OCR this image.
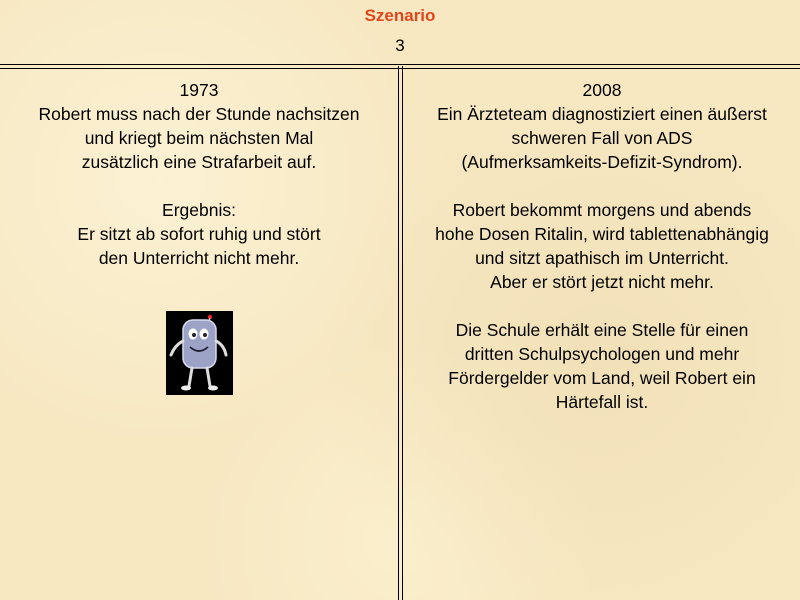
Szenario
3
1973
Robert muss nach der Stunde nachsitzen
und kriegt beim nächsten Mal
zusätzlich eine Strafarbeit auf.
Ergebnis:
Er sitzt ab sofort ruhig und stört
den Unterricht nicht mehr.
2008
Ein Ärzteteam diagnostiziert einen äußerst
schweren Fall von ADS
(Aufmerksamkeits-Defizit-Syndrom).
Robert bekommt morgens und abends
hohe Dosen Ritalin, wird tablettenabhängig
und sitzt apathisch im Unterricht.
Aber er stört jetzt nicht mehr.
Die Schule erhält eine Stelle für einen
dritten Schulpsychologen und mehr
Fördergelder vom Land, weil Robert ein
Härtefall ist.
